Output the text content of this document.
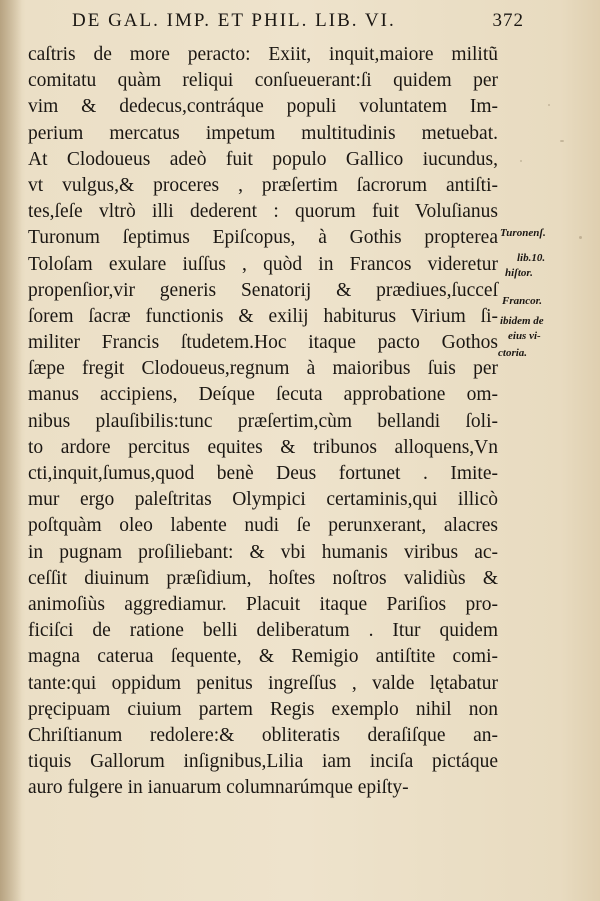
DE GAL. IMP. ET PHIL. LIB. VI.	372
caſtris de more peracto: Exiit, inquit,maiore militũ
comitatu quàm reliqui conſueuerant:ſi quidem per
vim & dedecus,contráque populi voluntatem Im-
perium mercatus impetum multitudinis metuebat.
At Clodoueus adeò fuit populo Gallico iucundus,
vt vulgus,& proceres , præſertim ſacrorum antiſti-
tes,ſeſe vltrò illi dederent : quorum fuit Voluſianus
Turonum ſeptimus Epiſcopus, à Gothis propterea
Toloſam exulare iuſſus , quòd in Francos videretur
propenſior,vir generis Senatorij & prædiues,ſucceſ
ſorem ſacræ functionis & exilij habiturus Virium ſi-
militer Francis ſtudetem.Hoc itaque pacto Gothos
ſæpe fregit Clodoueus,regnum à maioribus ſuis per
manus accipiens, Deíque ſecuta approbatione om-
nibus plauſibilis:tunc præſertim,cùm bellandi ſoli-
to ardore percitus equites & tribunos alloquens,Vn
cti,inquit,ſumus,quod benè Deus fortunet . Imite-
mur ergo paleſtritas Olympici certaminis,qui illicò
poſtquàm oleo labente nudi ſe perunxerant, alacres
in pugnam proſiliebant: & vbi humanis viribus ac-
ceſſit diuinum præſidium, hoſtes noſtros validiùs &
animoſiùs aggrediamur. Placuit itaque Pariſios pro-
ficiſci de ratione belli deliberatum . Itur quidem
magna caterua ſequente, & Remigio antiſtite comi-
tante:qui oppidum penitus ingreſſus , valde lętabatur
pręcipuam ciuium partem Regis exemplo nihil non
Chriſtianum redolere:& obliteratis deraſiſque an-
tiquis Gallorum inſignibus,Lilia iam inciſa pictáque
auro fulgere in ianuarum columnarúmque epiſty-
Turonenſ.
lib.10.
hiſtor.
Francor.
ibidem de
eius vi-
ctoria.
